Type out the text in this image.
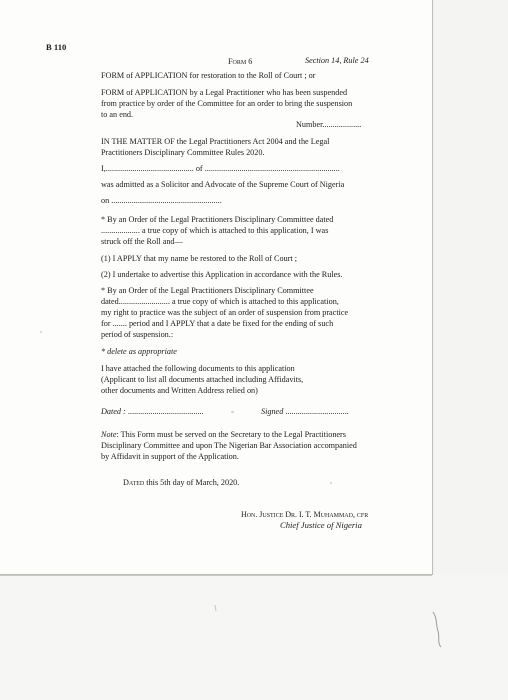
B 110
Form 6	Section 14, Rule 24
FORM of APPLICATION for restoration to the Roll of Court ; or
FORM of APPLICATION by a Legal Practitioner who has been suspended
from practice by order of the Committee for an order to bring the suspension
to an end.
Number...................
IN THE MATTER OF the Legal Practitioners Act 2004 and the Legal
Practitioners Disciplinary Committee Rules 2020.
I,........................................... of ..................................................................
was admitted as a Solicitor and Advocate of the Supreme Court of Nigeria
on ......................................................
* By an Order of the Legal Practitioners Disciplinary Committee dated
................... a true copy of which is attached to this application, I was
struck off the Roll and—
(1) I APPLY that my name be restored to the Roll of Court ;
(2) I undertake to advertise this Application in accordance with the Rules.
* By an Order of the Legal Practitioners Disciplinary Committee
dated......................... a true copy of which is attached to this application,
my right to practice was the subject of an order of suspension from practice
for ....... period and I APPLY that a date be fixed for the ending of such
period of suspension.:
* delete as appropriate
I have attached the following documents to this application
(Applicant to list all documents attached including Affidavits,
other documents and Written Address relied on)
Dated : .....................................	Signed ...............................
Note: This Form must be served on the Secretary to the Legal Practitioners
Disciplinary Committee and upon The Nigerian Bar Association accompanied
by Affidavit in support of the Application.
Dated this 5th day of March, 2020.
Hon. Justice Dr. I. T. Muhammad, cfr
Chief Justice of Nigeria
